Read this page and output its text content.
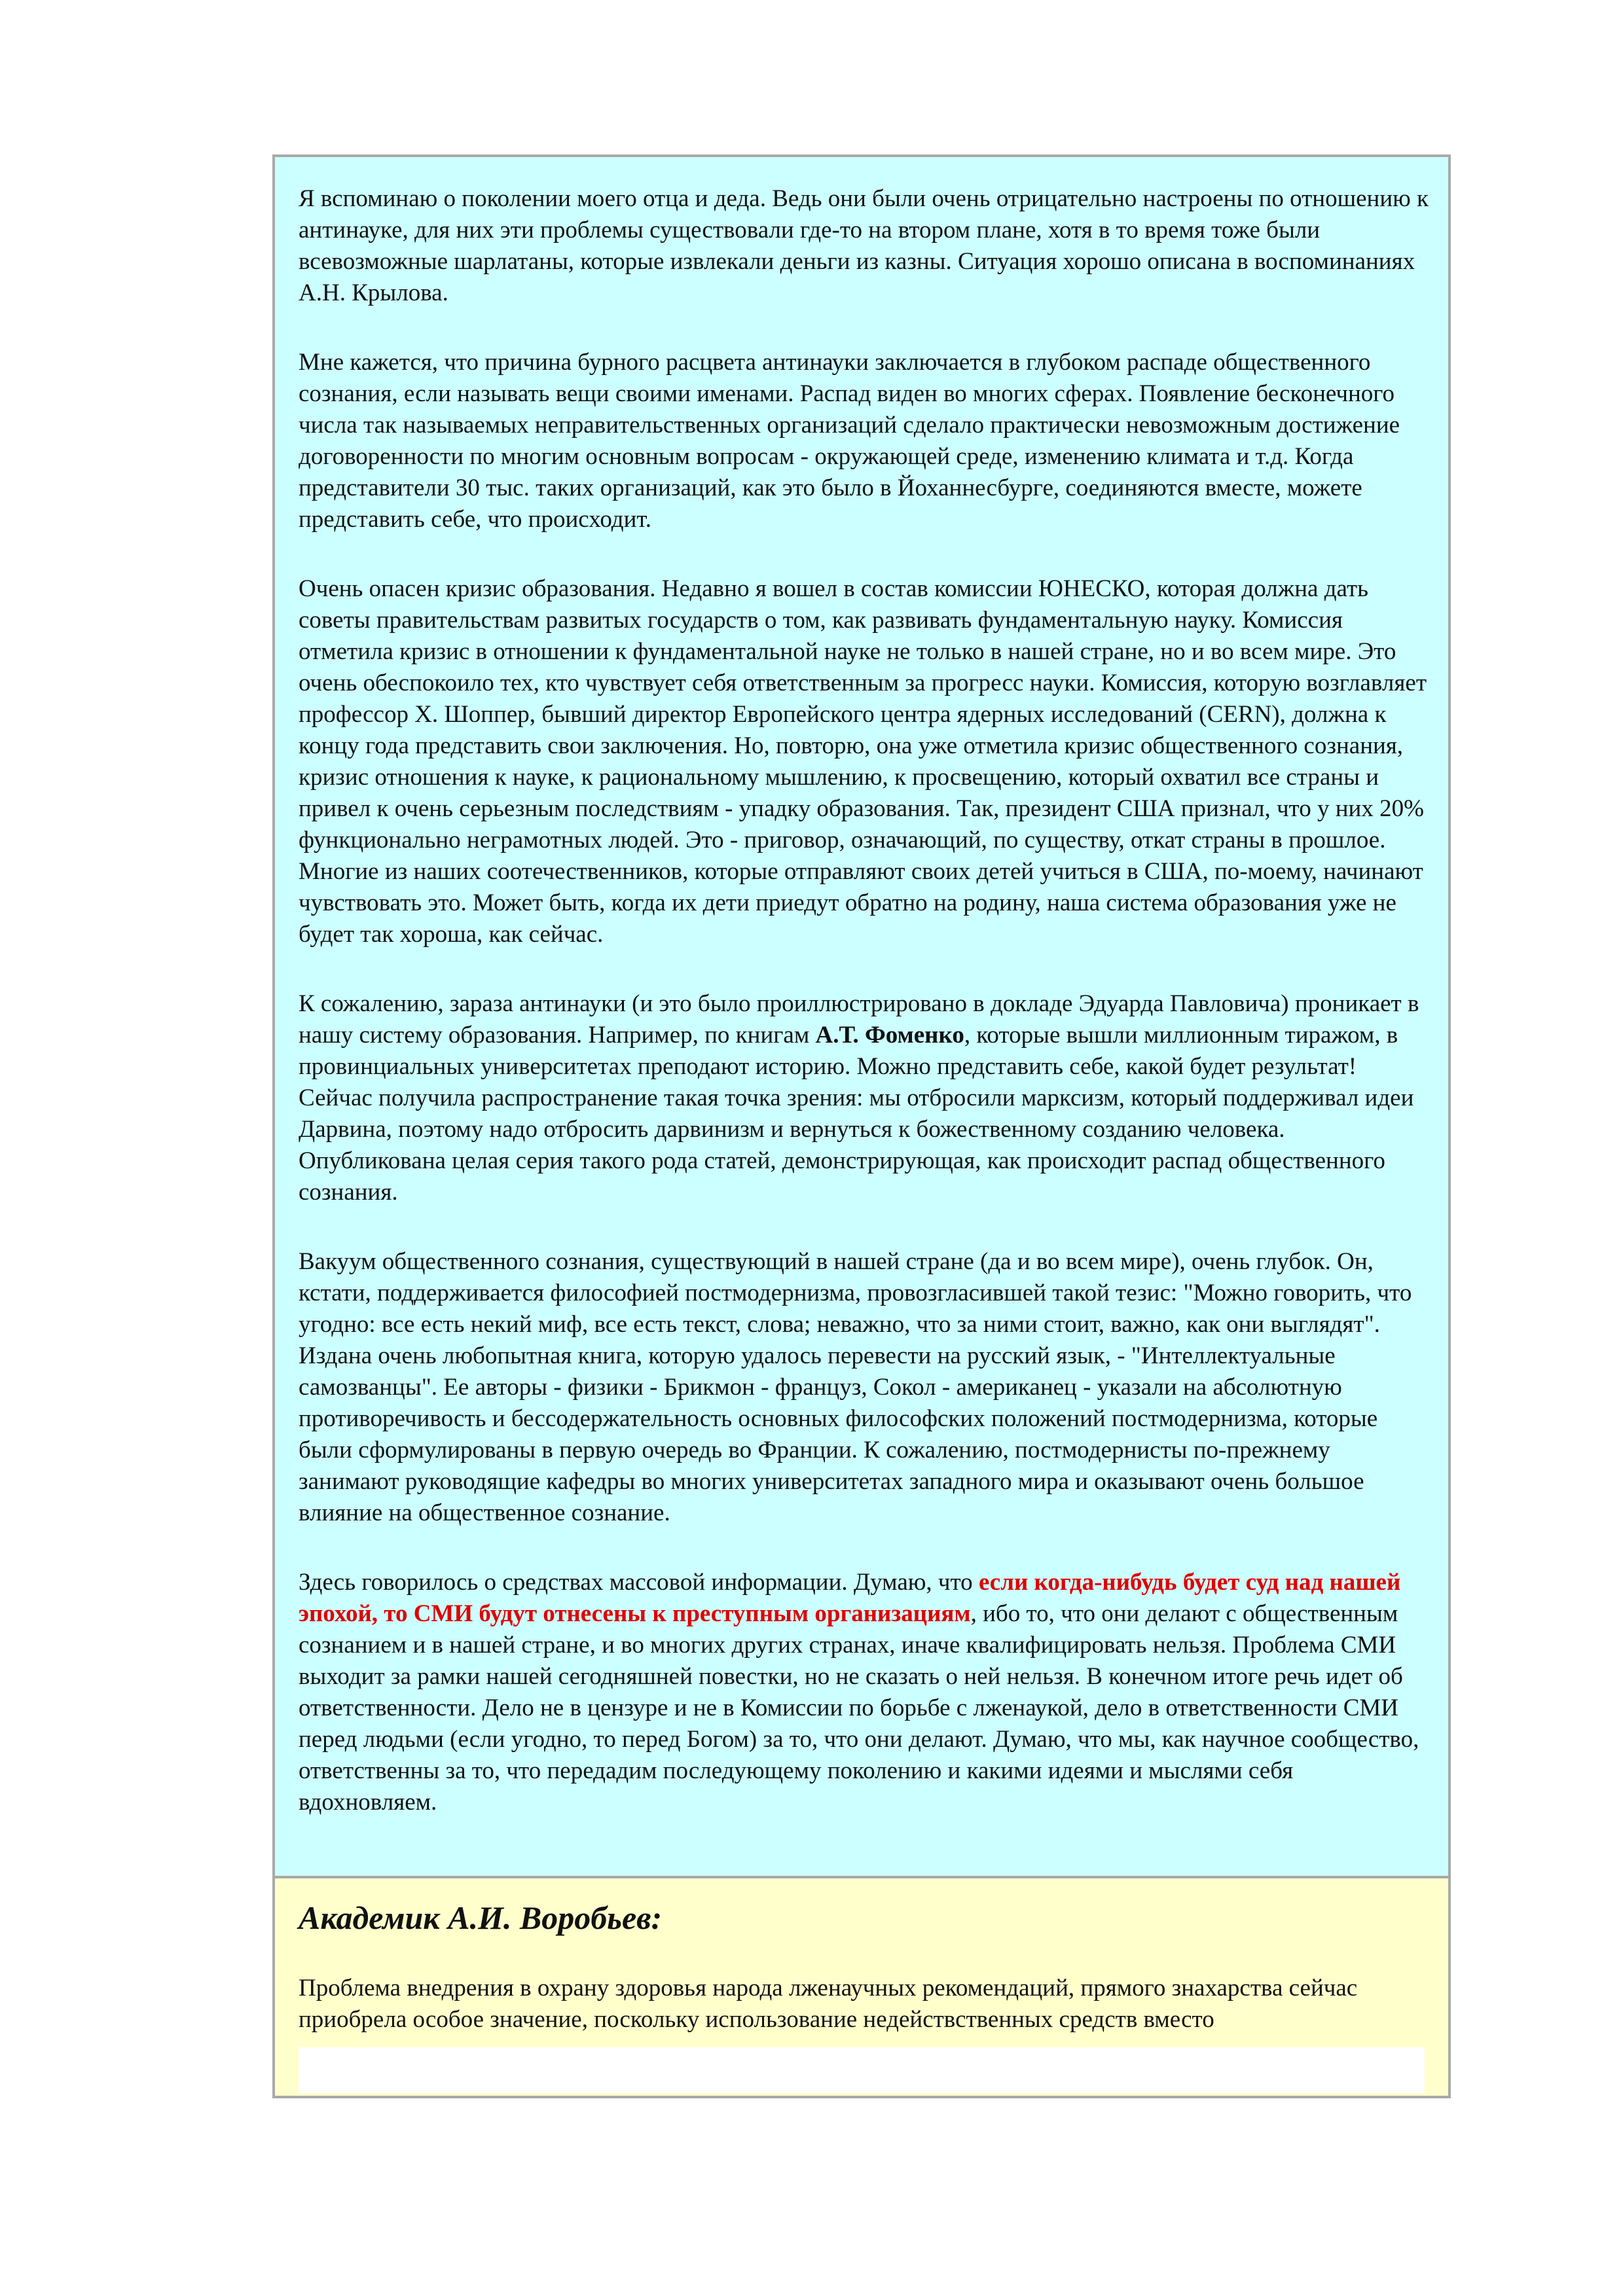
Я вспоминаю о поколении моего отца и деда. Ведь они были очень отрицательно настроены по отношению к антинауке, для них эти проблемы существовали где-то на втором плане, хотя в то время тоже были всевозможные шарлатаны, которые извлекали деньги из казны. Ситуация хорошо описана в воспоминаниях А.Н. Крылова.

Мне кажется, что причина бурного расцвета антинауки заключается в глубоком распаде общественного сознания, если называть вещи своими именами. Распад виден во многих сферах. Появление бесконечного числа так называемых неправительственных организаций сделало практически невозможным достижение договоренности по многим основным вопросам - окружающей среде, изменению климата и т.д. Когда представители 30 тыс. таких организаций, как это было в Йоханнесбурге, соединяются вместе, можете представить себе, что происходит.

Очень опасен кризис образования. Недавно я вошел в состав комиссии ЮНЕСКО, которая должна дать советы правительствам развитых государств о том, как развивать фундаментальную науку. Комиссия отметила кризис в отношении к фундаментальной науке не только в нашей стране, но и во всем мире. Это очень обеспокоило тех, кто чувствует себя ответственным за прогресс науки. Комиссия, которую возглавляет профессор Х. Шоппер, бывший директор Европейского центра ядерных исследований (CERN), должна к концу года представить свои заключения. Но, повторю, она уже отметила кризис общественного сознания, кризис отношения к науке, к рациональному мышлению, к просвещению, который охватил все страны и привел к очень серьезным последствиям - упадку образования. Так, президент США признал, что у них 20% функционально неграмотных людей. Это - приговор, означающий, по существу, откат страны в прошлое. Многие из наших соотечественников, которые отправляют своих детей учиться в США, по-моему, начинают чувствовать это. Может быть, когда их дети приедут обратно на родину, наша система образования уже не будет так хороша, как сейчас.

К сожалению, зараза антинауки (и это было проиллюстрировано в докладе Эдуарда Павловича) проникает в нашу систему образования. Например, по книгам А.Т. Фоменко, которые вышли миллионным тиражом, в провинциальных университетах преподают историю. Можно представить себе, какой будет результат! Сейчас получила распространение такая точка зрения: мы отбросили марксизм, который поддерживал идеи Дарвина, поэтому надо отбросить дарвинизм и вернуться к божественному созданию человека. Опубликована целая серия такого рода статей, демонстрирующая, как происходит распад общественного сознания.

Вакуум общественного сознания, существующий в нашей стране (да и во всем мире), очень глубок. Он, кстати, поддерживается философией постмодернизма, провозгласившей такой тезис: "Можно говорить, что угодно: все есть некий миф, все есть текст, слова; неважно, что за ними стоит, важно, как они выглядят". Издана очень любопытная книга, которую удалось перевести на русский язык, - "Интеллектуальные самозванцы". Ее авторы - физики - Брикмон - француз, Сокол - американец - указали на абсолютную противоречивость и бессодержательность основных философских положений постмодернизма, которые были сформулированы в первую очередь во Франции. К сожалению, постмодернисты по-прежнему занимают руководящие кафедры во многих университетах западного мира и оказывают очень большое влияние на общественное сознание.

Здесь говорилось о средствах массовой информации. Думаю, что если когда-нибудь будет суд над нашей эпохой, то СМИ будут отнесены к преступным организациям, ибо то, что они делают с общественным сознанием и в нашей стране, и во многих других странах, иначе квалифицировать нельзя. Проблема СМИ выходит за рамки нашей сегодняшней повестки, но не сказать о ней нельзя. В конечном итоге речь идет об ответственности. Дело не в цензуре и не в Комиссии по борьбе с лженаукой, дело в ответственности СМИ перед людьми (если угодно, то перед Богом) за то, что они делают. Думаю, что мы, как научное сообщество, ответственны за то, что передадим последующему поколению и какими идеями и мыслями себя вдохновляем.

Академик А.И. Воробьев:

Проблема внедрения в охрану здоровья народа лженаучных рекомендаций, прямого знахарства сейчас приобрела особое значение, поскольку использование недействственных средств вместо
